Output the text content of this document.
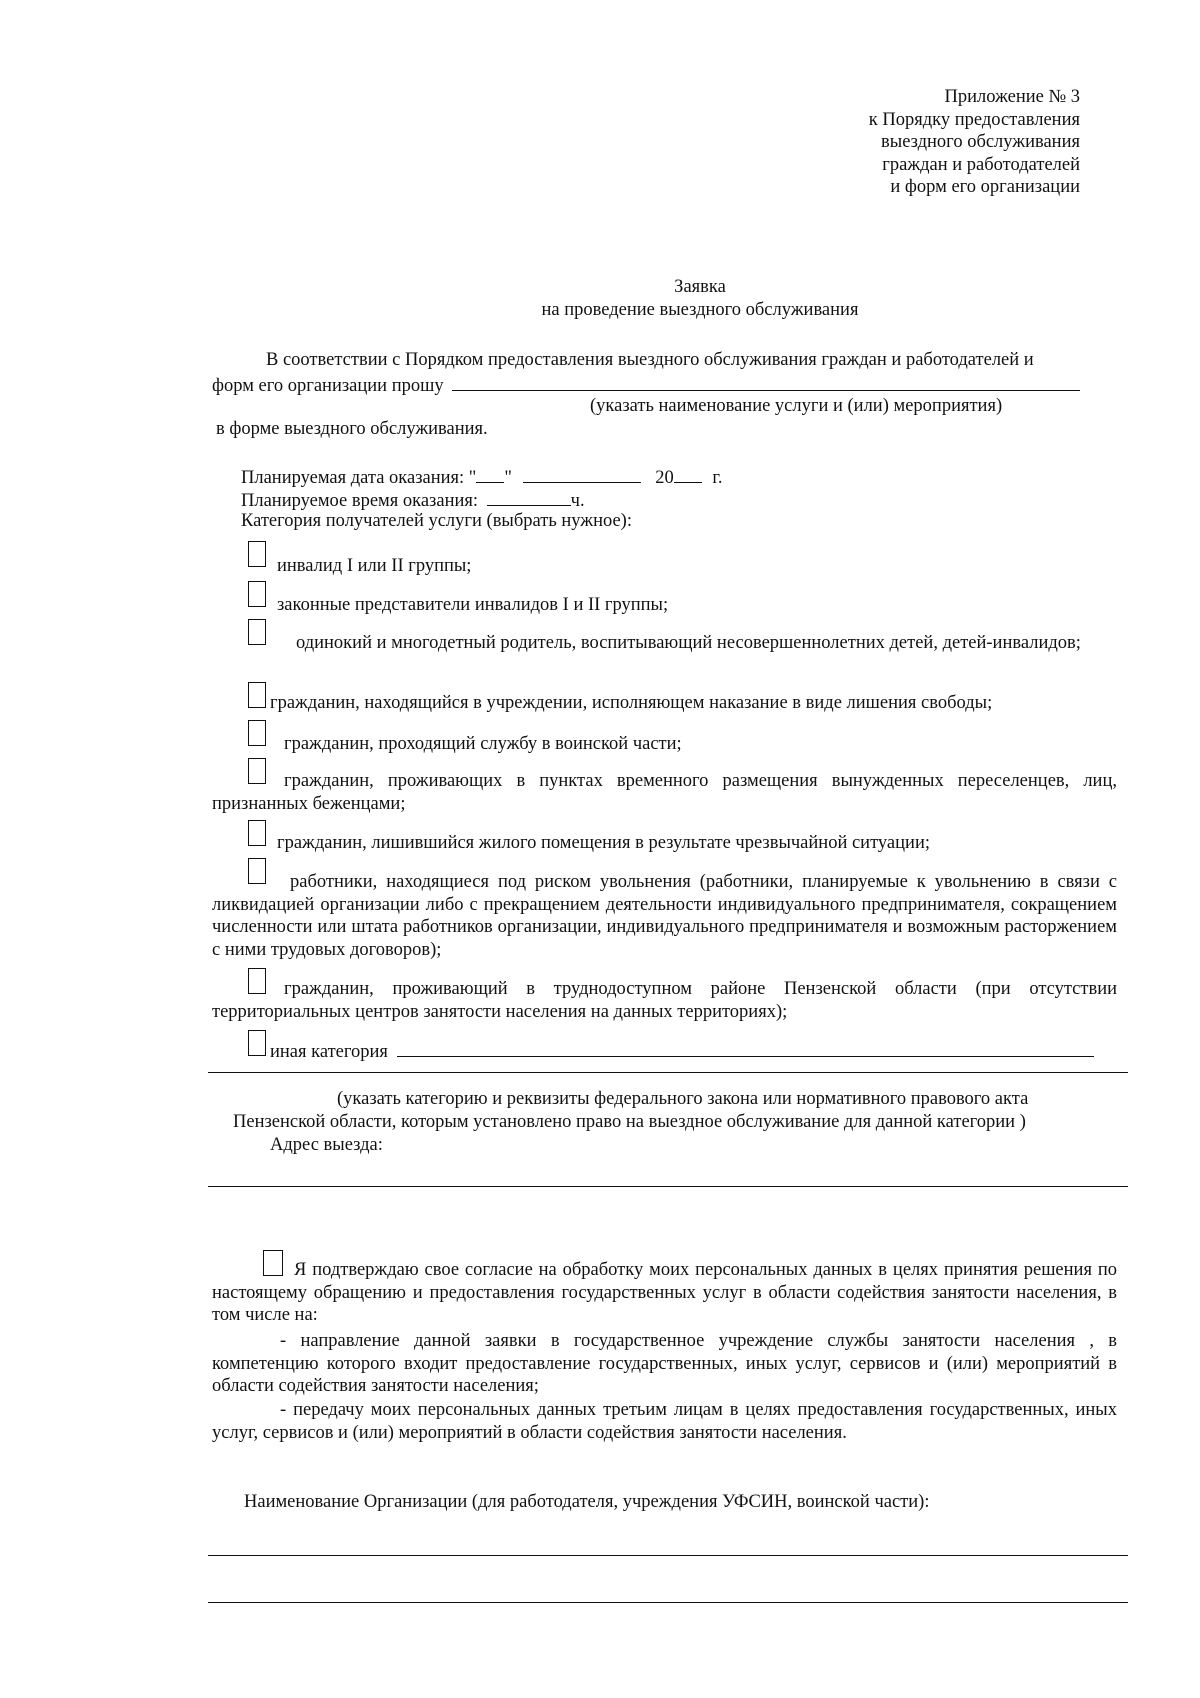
Приложение № 3
к Порядку предоставления
выездного обслуживания
граждан и работодателей
и форм его организации
Заявка
на проведение выездного обслуживания
В соответствии с Порядком предоставления выездного обслуживания граждан и работодателей и
форм его организации прошу
(указать наименование услуги и (или) мероприятия)
в форме выездного обслуживания.
Планируемая дата оказания: " "	20 г.
Планируемое время оказания:	ч.
Категория получателей услуги (выбрать нужное):
инвалид I или II группы;
законные представители инвалидов I и II группы;
одинокий и многодетный родитель, воспитывающий несовершеннолетних детей, детей-инвалидов;
гражданин, находящийся в учреждении, исполняющем наказание в виде лишения свободы;
гражданин, проходящий службу в воинской части;
гражданин, проживающих в пунктах временного размещения вынужденных переселенцев, лиц, признанных беженцами;
гражданин, лишившийся жилого помещения в результате чрезвычайной ситуации;
работники, находящиеся под риском увольнения (работники, планируемые к увольнению в связи с ликвидацией организации либо с прекращением деятельности индивидуального предпринимателя, сокращением численности или штата работников организации, индивидуального предпринимателя и возможным расторжением с ними трудовых договоров);
гражданин, проживающий в труднодоступном районе Пензенской области (при отсутствии территориальных центров занятости населения на данных территориях);
иная категория
(указать категорию и реквизиты федерального закона или нормативного правового акта
Пензенской области, которым установлено право на выездное обслуживание для данной категории )
Адрес выезда:
Я подтверждаю свое согласие на обработку моих персональных данных в целях принятия решения по настоящему обращению и предоставления государственных услуг в области содействия занятости населения, в том числе на:
- направление данной заявки в государственное учреждение службы занятости населения , в компетенцию которого входит предоставление государственных, иных услуг, сервисов и (или) мероприятий в области содействия занятости населения;
- передачу моих персональных данных третьим лицам в целях предоставления государственных, иных услуг, сервисов и (или) мероприятий в области содействия занятости населения.
Наименование Организации (для работодателя, учреждения УФСИН, воинской части):
